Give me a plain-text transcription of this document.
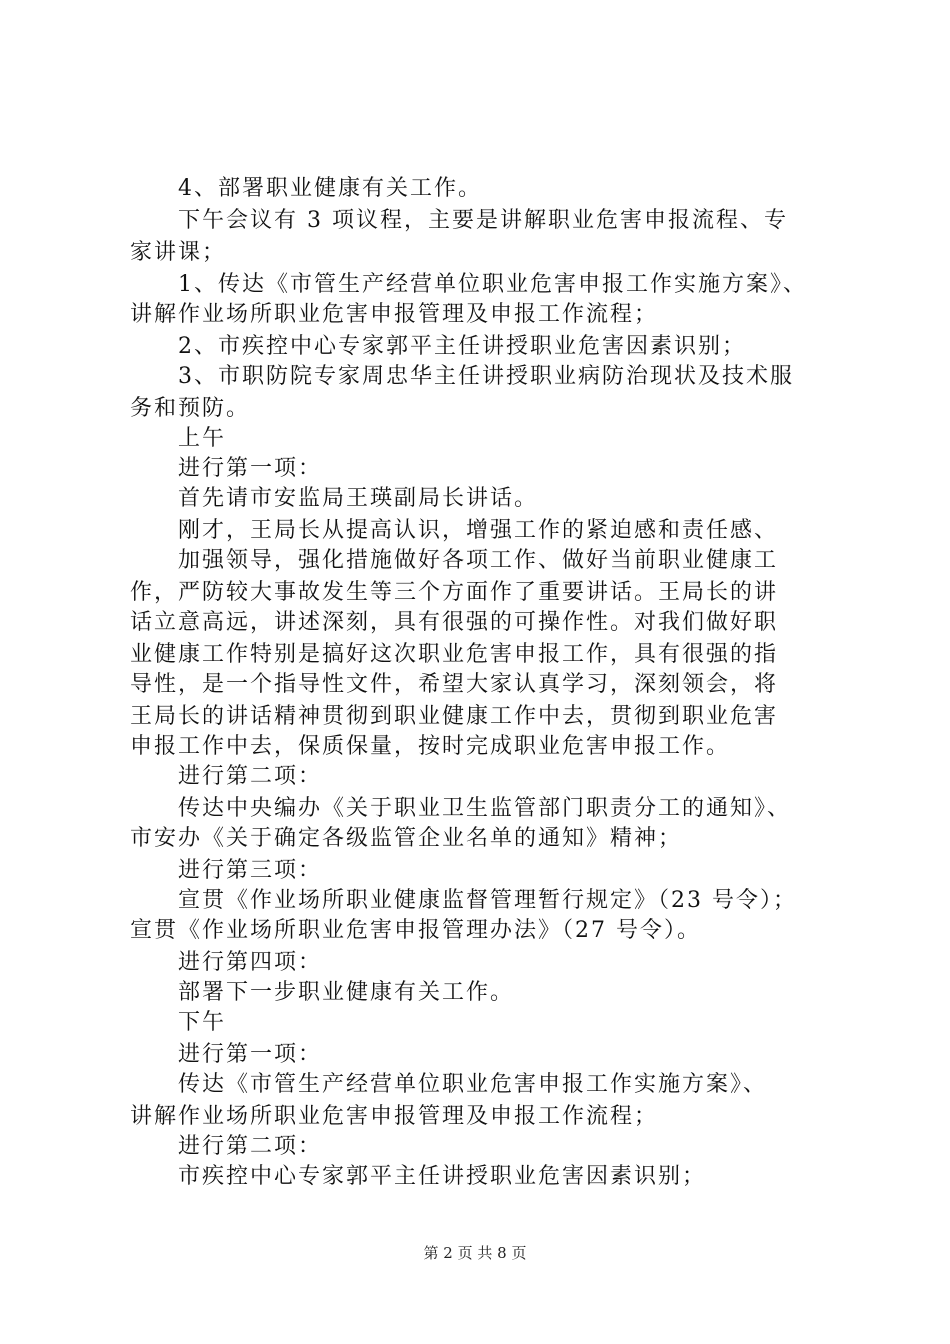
4、部署职业健康有关工作。
下午会议有 3 项议程，主要是讲解职业危害申报流程、专
家讲课；
1、传达《市管生产经营单位职业危害申报工作实施方案》、
讲解作业场所职业危害申报管理及申报工作流程；
2、市疾控中心专家郭平主任讲授职业危害因素识别；
3、市职防院专家周忠华主任讲授职业病防治现状及技术服
务和预防。
上午
进行第一项：
首先请市安监局王瑛副局长讲话。
刚才，王局长从提高认识，增强工作的紧迫感和责任感、
加强领导，强化措施做好各项工作、做好当前职业健康工
作，严防较大事故发生等三个方面作了重要讲话。王局长的讲
话立意高远，讲述深刻，具有很强的可操作性。对我们做好职
业健康工作特别是搞好这次职业危害申报工作，具有很强的指
导性，是一个指导性文件，希望大家认真学习，深刻领会，将
王局长的讲话精神贯彻到职业健康工作中去，贯彻到职业危害
申报工作中去，保质保量，按时完成职业危害申报工作。
进行第二项：
传达中央编办《关于职业卫生监管部门职责分工的通知》、
市安办《关于确定各级监管企业名单的通知》精神；
进行第三项：
宣贯《作业场所职业健康监督管理暂行规定》（23 号令）；
宣贯《作业场所职业危害申报管理办法》（27 号令）。
进行第四项：
部署下一步职业健康有关工作。
下午
进行第一项：
传达《市管生产经营单位职业危害申报工作实施方案》、
讲解作业场所职业危害申报管理及申报工作流程；
进行第二项：
市疾控中心专家郭平主任讲授职业危害因素识别；
第 2 页 共 8 页
